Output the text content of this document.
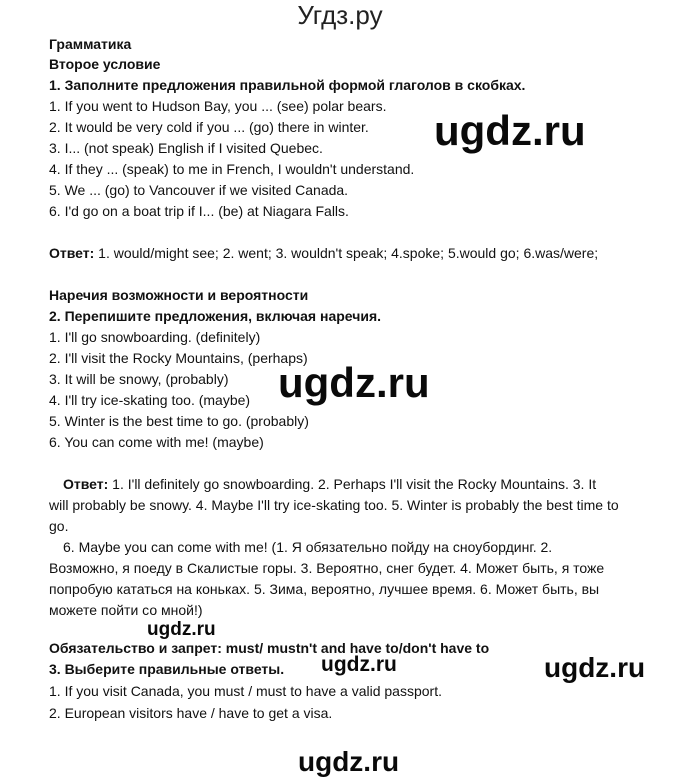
Угдз.ру
Грамматика
Второе условие
1. Заполните предложения правильной формой глаголов в скобках.
1. If you went to Hudson Bay, you ... (see) polar bears.
2. It would be very cold if you ... (go) there in winter.
3. I... (not speak) English if I visited Quebec.
4. If they ... (speak) to me in French, I wouldn't understand.
5. We ... (go) to Vancouver if we visited Canada.
6. I'd go on a boat trip if I... (be) at Niagara Falls.
Ответ: 1. would/might see; 2. went; 3. wouldn't speak; 4.spoke; 5.would go; 6.was/were;
Наречия возможности и вероятности
2. Перепишите предложения, включая наречия.
1. I'll go snowboarding. (definitely)
2. I'll visit the Rocky Mountains, (perhaps)
3. It will be snowy, (probably)
4. I'll try ice-skating too. (maybe)
5. Winter is the best time to go. (probably)
6. You can come with me! (maybe)
Ответ: 1. I'll definitely go snowboarding. 2. Perhaps I'll visit the Rocky Mountains. 3. It
will probably be snowy. 4. Maybe I'll try ice-skating too. 5. Winter is probably the best time to
go.
6. Maybe you can come with me! (1. Я обязательно пойду на сноубординг. 2.
Возможно, я поеду в Скалистые горы. 3. Вероятно, снег будет. 4. Может быть, я тоже
попробую кататься на коньках. 5. Зима, вероятно, лучшее время. 6. Может быть, вы
можете пойти со мной!)
Обязательство и запрет: must/ mustn't and have to/don't have to
3. Выберите правильные ответы.
1. If you visit Canada, you must / must to have a valid passport.
2. European visitors have / have to get a visa.
ugdz.ru
ugdz.ru
ugdz.ru
ugdz.ru	ugdz.ru
ugdz.ru
